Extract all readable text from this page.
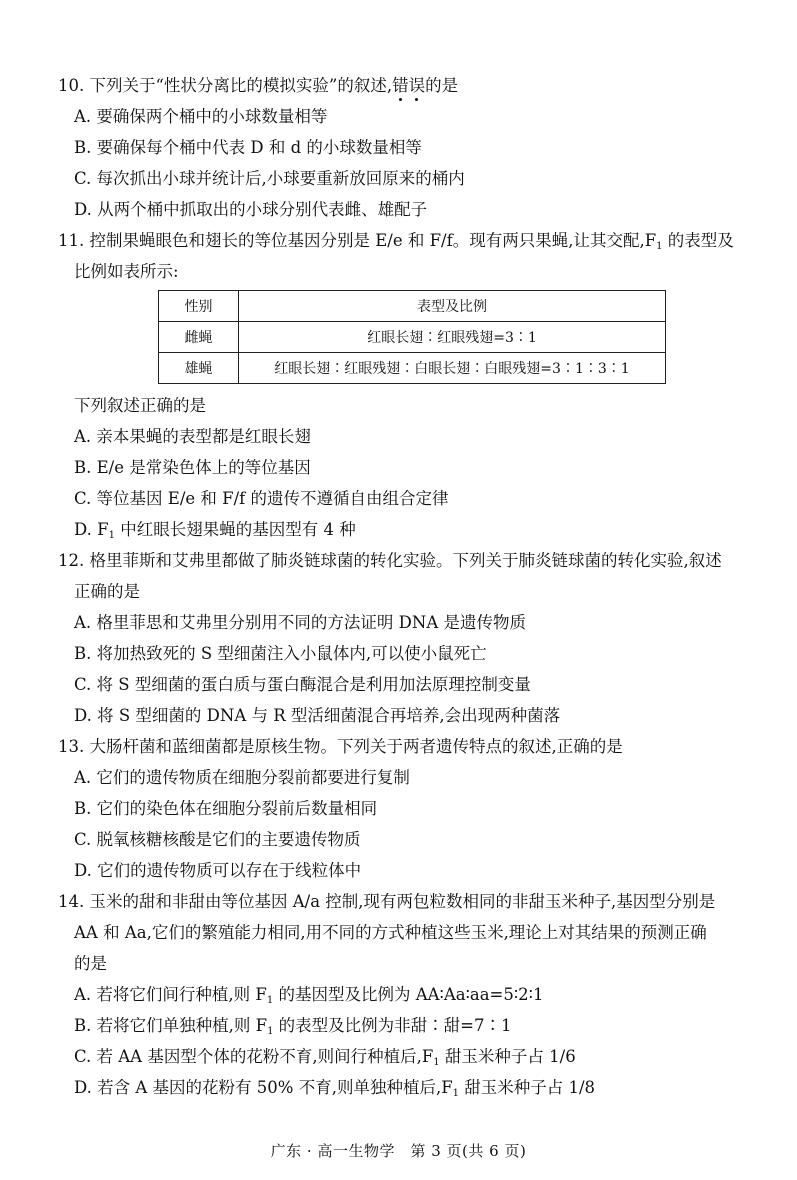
10. 下列关于“性状分离比的模拟实验”的叙述,错误的是
A. 要确保两个桶中的小球数量相等
B. 要确保每个桶中代表 D 和 d 的小球数量相等
C. 每次抓出小球并统计后,小球要重新放回原来的桶内
D. 从两个桶中抓取出的小球分别代表雌、雄配子
11. 控制果蝇眼色和翅长的等位基因分别是 E/e 和 F/f。现有两只果蝇,让其交配,F1 的表型及
比例如表所示:
性别	表型及比例
雌蝇	红眼长翅∶红眼残翅=3∶1
雄蝇	红眼长翅∶红眼残翅∶白眼长翅∶白眼残翅=3∶1∶3∶1
下列叙述正确的是
A. 亲本果蝇的表型都是红眼长翅
B. E/e 是常染色体上的等位基因
C. 等位基因 E/e 和 F/f 的遗传不遵循自由组合定律
D. F1 中红眼长翅果蝇的基因型有 4 种
12. 格里菲斯和艾弗里都做了肺炎链球菌的转化实验。下列关于肺炎链球菌的转化实验,叙述
正确的是
A. 格里菲思和艾弗里分别用不同的方法证明 DNA 是遗传物质
B. 将加热致死的 S 型细菌注入小鼠体内,可以使小鼠死亡
C. 将 S 型细菌的蛋白质与蛋白酶混合是利用加法原理控制变量
D. 将 S 型细菌的 DNA 与 R 型活细菌混合再培养,会出现两种菌落
13. 大肠杆菌和蓝细菌都是原核生物。下列关于两者遗传特点的叙述,正确的是
A. 它们的遗传物质在细胞分裂前都要进行复制
B. 它们的染色体在细胞分裂前后数量相同
C. 脱氧核糖核酸是它们的主要遗传物质
D. 它们的遗传物质可以存在于线粒体中
14. 玉米的甜和非甜由等位基因 A/a 控制,现有两包粒数相同的非甜玉米种子,基因型分别是
AA 和 Aa,它们的繁殖能力相同,用不同的方式种植这些玉米,理论上对其结果的预测正确
的是
A. 若将它们间行种植,则 F1 的基因型及比例为 AA∶Aa∶aa=5∶2∶1
B. 若将它们单独种植,则 F1 的表型及比例为非甜∶甜=7∶1
C. 若 AA 基因型个体的花粉不育,则间行种植后,F1 甜玉米种子占 1/6
D. 若含 A 基因的花粉有 50% 不育,则单独种植后,F1 甜玉米种子占 1/8
广东 · 高一生物学　第 3 页(共 6 页)
